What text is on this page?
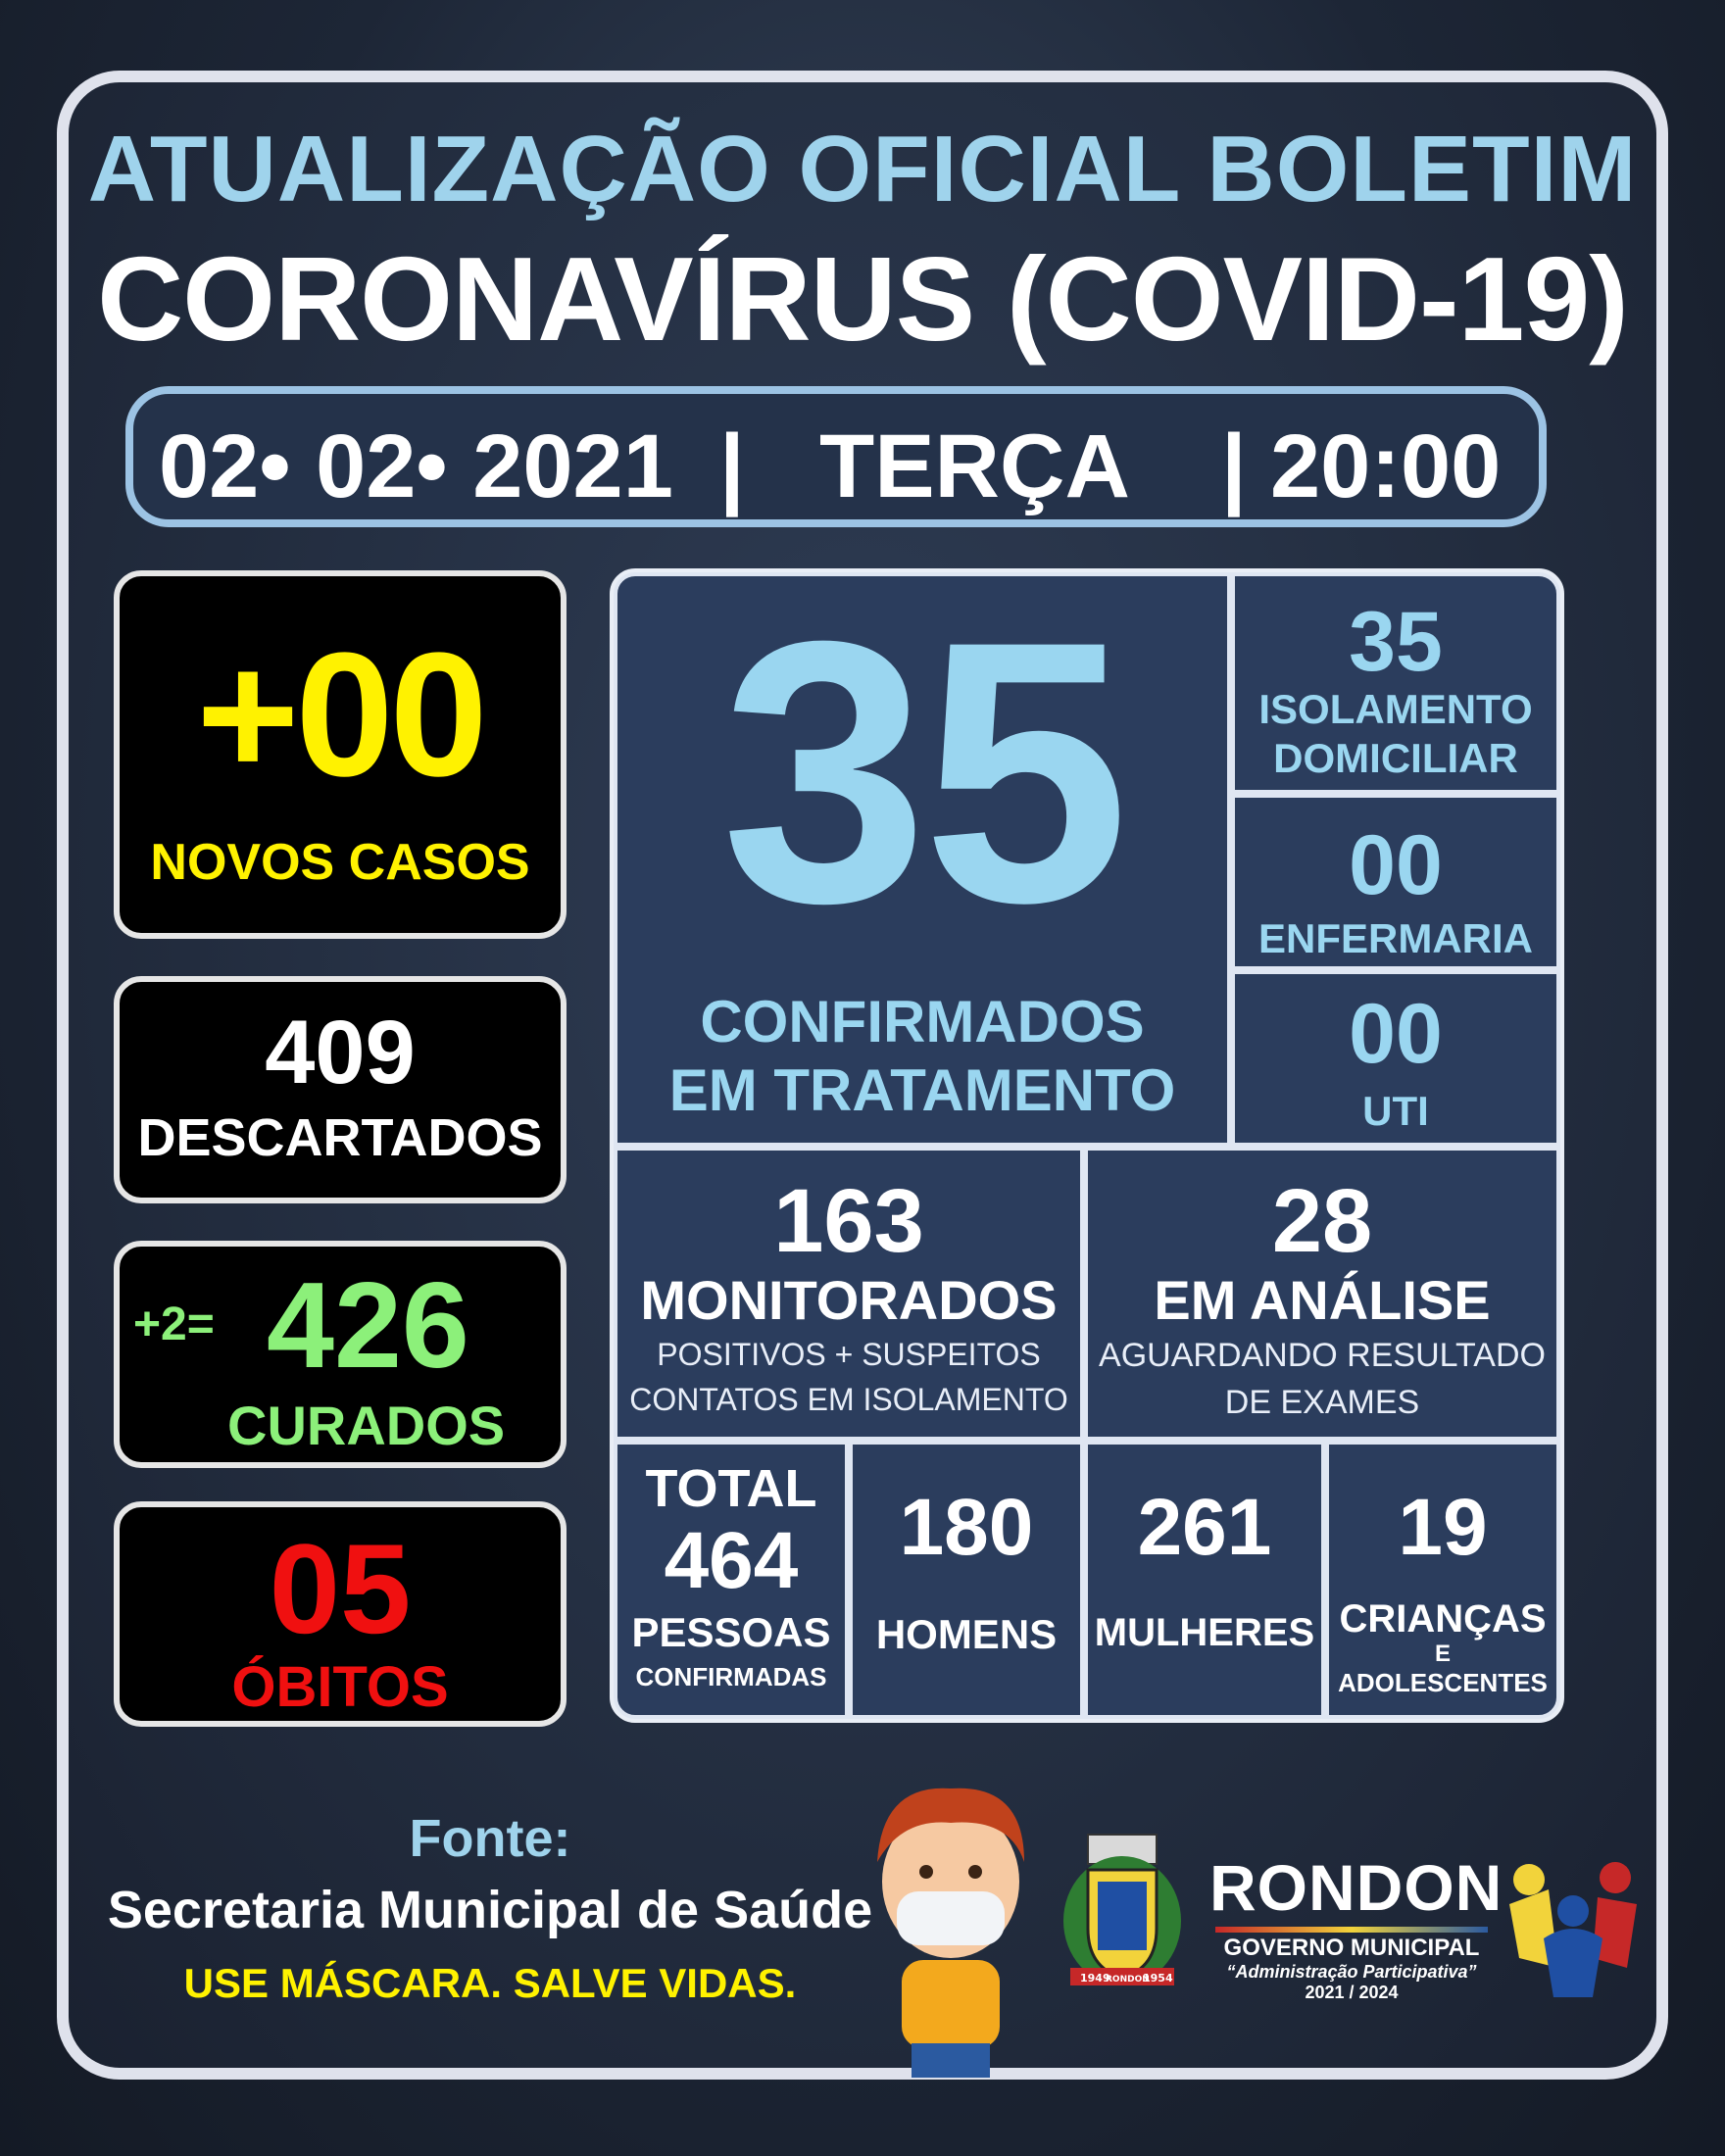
ATUALIZAÇÃO OFICIAL BOLETIM
CORONAVÍRUS (COVID-19)
02• 02• 2021 | TERÇA | 20:00
+00
NOVOS CASOS
409
DESCARTADOS
+2= 426
CURADOS
05
ÓBITOS
35
CONFIRMADOS
EM TRATAMENTO
35
ISOLAMENTO
DOMICILIAR
00
ENFERMARIA
00
UTI
163
MONITORADOS
POSITIVOS + SUSPEITOS
CONTATOS EM ISOLAMENTO
28
EM ANÁLISE
AGUARDANDO RESULTADO
DE EXAMES
TOTAL
464
PESSOAS
CONFIRMADAS
180
HOMENS
261
MULHERES
19
CRIANÇAS
E
ADOLESCENTES
Fonte:
Secretaria Municipal de Saúde
USE MÁSCARA. SALVE VIDAS.	1949
RONDON
1954
RONDON
GOVERNO MUNICIPAL
“Administração Participativa”
2021 / 2024
